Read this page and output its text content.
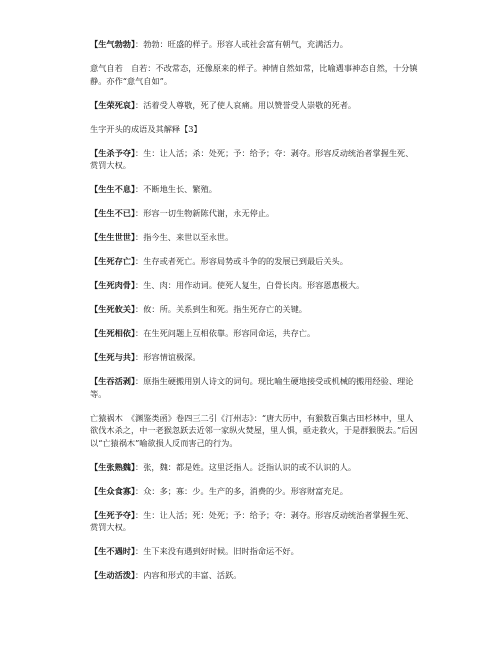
【生气勃勃】：勃勃：旺盛的样子。形容人或社会富有朝气，充满活力。

意气自若　自若：不改常态，还像原来的样子。神情自然如常，比喻遇事神态自然，十分镇静。亦作“意气自如”。

【生荣死哀】：活着受人尊敬，死了使人哀痛。用以赞誉受人崇敬的死者。

生字开头的成语及其解释【3】

【生杀予夺】：生：让人活；杀：处死；予：给予；夺：剥夺。形容反动统治者掌握生死、赏罚大权。

【生生不息】：不断地生长、繁殖。

【生生不已】：形容一切生物新陈代谢，永无停止。

【生生世世】：指今生、来世以至永世。

【生死存亡】：生存或者死亡。形容局势或斗争的的发展已到最后关头。

【生死肉骨】：生、肉：用作动词。使死人复生，白骨长肉。形容恩惠极大。

【生死攸关】：攸：所。关系到生和死。指生死存亡的关键。

【生死相依】：在生死问题上互相依靠。形容同命运，共存亡。

【生死与共】：形容情谊极深。

【生吞活剥】：原指生硬搬用别人诗文的词句。现比喻生硬地接受或机械的搬用经验、理论等。

亡猿祸木　《渊鉴类函》卷四三二引《汀州志》：“唐大历中，有猴数百集古田杉林中，里人欲伐木杀之，中一老猴忽跃去近邻一家纵火焚屋，里人惧，亟走救火，于是群猴脱去。”后因以“亡猿祸木”喻欲损人反而害己的行为。

【生张熟魏】：张，魏：都是姓。这里泛指人。泛指认识的或不认识的人。

【生众食寡】：众：多；寡：少。生产的多，消费的少。形容财富充足。

【生死予夺】：生：让人活；死：处死；予：给予；夺：剥夺。形容反动统治者掌握生死、赏罚大权。

【生不遇时】：生下来没有遇到好时候。旧时指命运不好。

【生动活泼】：内容和形式的丰富、活跃。
